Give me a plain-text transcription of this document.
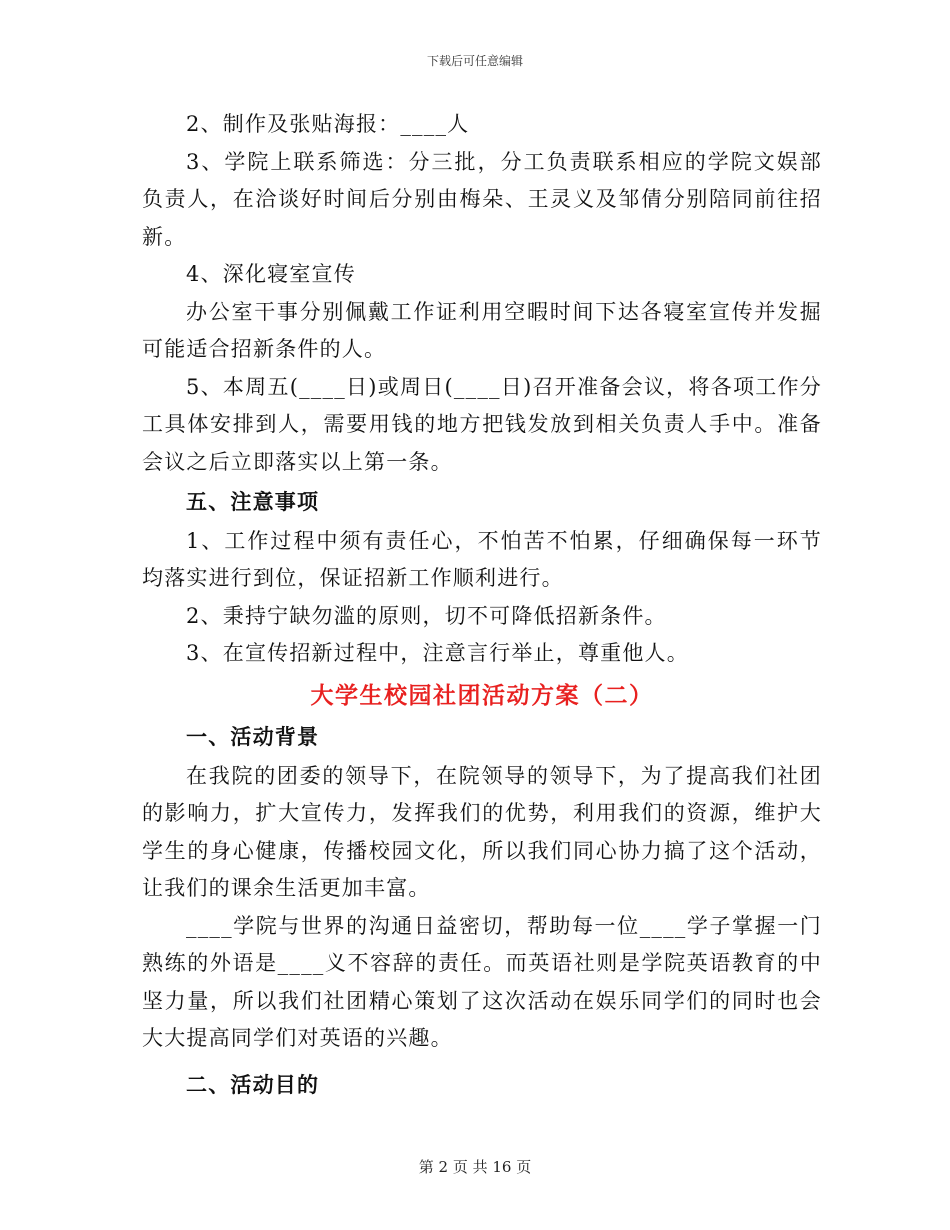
下载后可任意编辑

2、制作及张贴海报：____人

3、学院上联系筛选：分三批，分工负责联系相应的学院文娱部负责人，在洽谈好时间后分别由梅朵、王灵义及邹倩分别陪同前往招新。

4、深化寝室宣传

办公室干事分别佩戴工作证利用空暇时间下达各寝室宣传并发掘可能适合招新条件的人。

5、本周五(____日)或周日(____日)召开准备会议，将各项工作分工具体安排到人，需要用钱的地方把钱发放到相关负责人手中。准备会议之后立即落实以上第一条。

五、注意事项

1、工作过程中须有责任心，不怕苦不怕累，仔细确保每一环节均落实进行到位，保证招新工作顺利进行。

2、秉持宁缺勿滥的原则，切不可降低招新条件。

3、在宣传招新过程中，注意言行举止，尊重他人。

大学生校园社团活动方案（二）

一、活动背景

在我院的团委的领导下，在院领导的领导下，为了提高我们社团的影响力，扩大宣传力，发挥我们的优势，利用我们的资源，维护大学生的身心健康，传播校园文化，所以我们同心协力搞了这个活动，让我们的课余生活更加丰富。

____学院与世界的沟通日益密切，帮助每一位____学子掌握一门熟练的外语是____义不容辞的责任。而英语社则是学院英语教育的中坚力量，所以我们社团精心策划了这次活动在娱乐同学们的同时也会大大提高同学们对英语的兴趣。

二、活动目的

第 2 页 共 16 页
